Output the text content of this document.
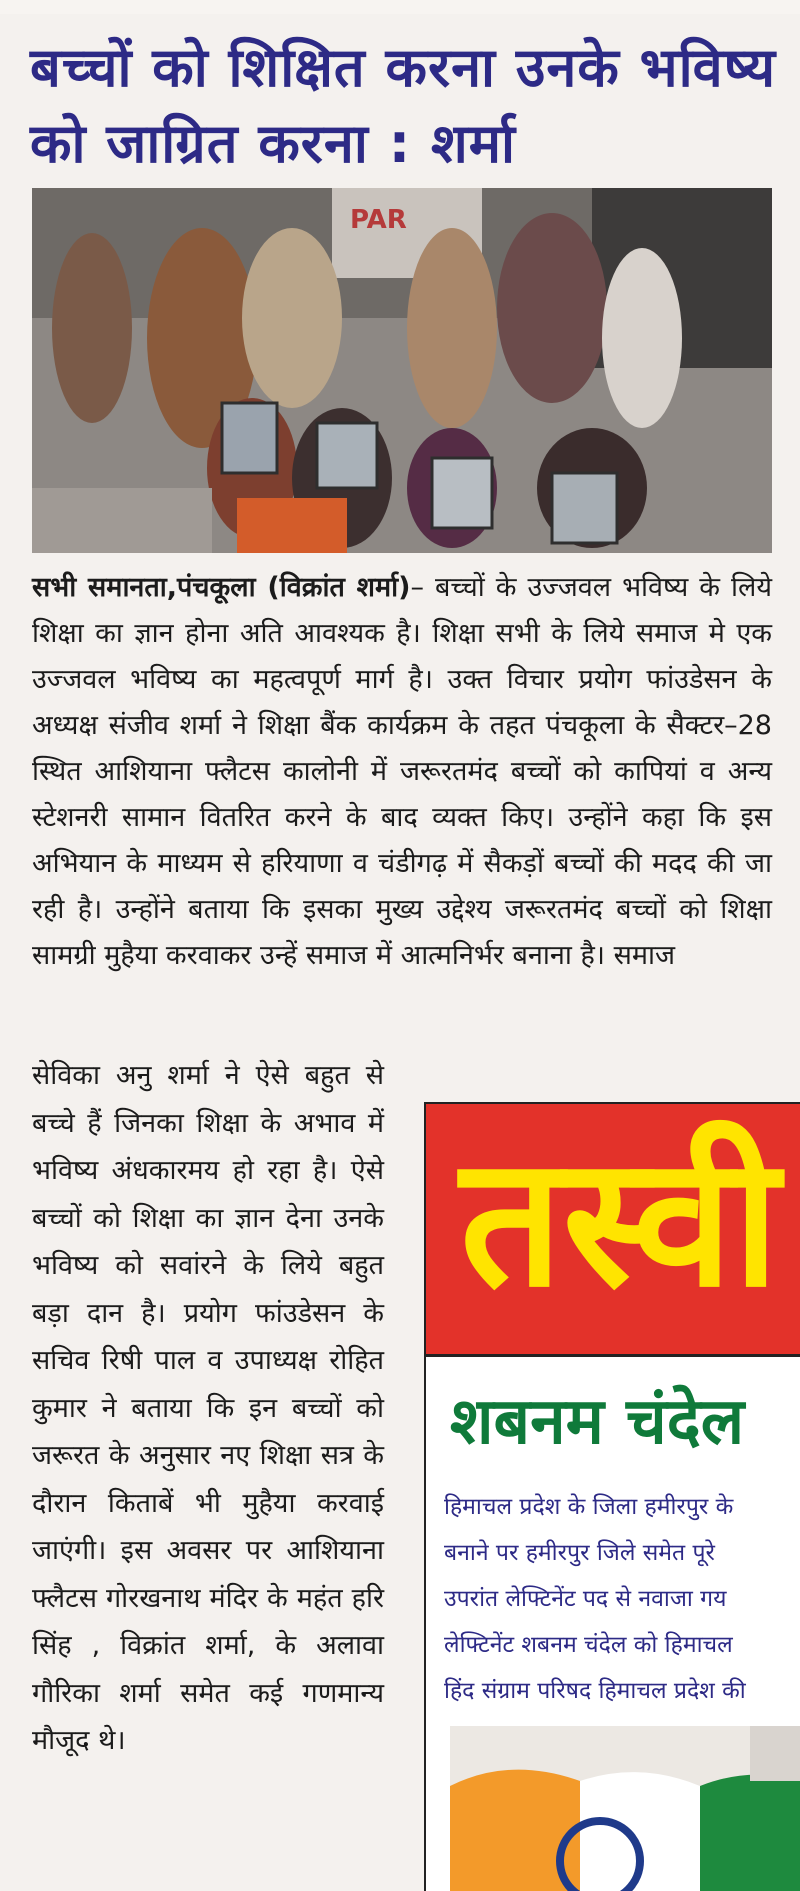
बच्चों को शिक्षित करना उनके भविष्य को जाग्रित करना : शर्मा
PAR
सभी समानता,पंचकूला (विक्रांत शर्मा)– बच्चों के उज्जवल भविष्य के लिये शिक्षा का ज्ञान होना अति आवश्यक है। शिक्षा सभी के लिये समाज मे एक उज्जवल भविष्य का महत्वपूर्ण मार्ग है। उक्त विचार प्रयोग फांउडेसन के अध्यक्ष संजीव शर्मा ने शिक्षा बैंक कार्यक्रम के तहत पंचकूला के सैक्टर–28 स्थित आशियाना फ्लैटस कालोनी में जरूरतमंद बच्चों को कापियां व अन्य स्टेशनरी सामान वितरित करने के बाद व्यक्त किए। उन्होंने कहा कि इस अभियान के माध्यम से हरियाणा व चंडीगढ़ में सैकड़ों बच्चों की मदद की जा रही है। उन्होंने बताया कि इसका मुख्य उद्देश्य जरूरतमंद बच्चों को शिक्षा सामग्री मुहैया करवाकर उन्हें समाज में आत्मनिर्भर बनाना है। समाज
सेविका अनु शर्मा ने ऐसे बहुत से बच्चे हैं जिनका शिक्षा के अभाव में भविष्य अंधकारमय हो रहा है। ऐसे बच्चों को शिक्षा का ज्ञान देना उनके भविष्य को सवांरने के लिये बहुत बड़ा दान है। प्रयोग फांउडेसन के सचिव रिषी पाल व उपाध्यक्ष रोहित कुमार ने बताया कि इन बच्चों को जरूरत के अनुसार नए शिक्षा सत्र के दौरान किताबें भी मुहैया करवाई जाएंगी। इस अवसर पर आशियाना फ्लैटस गोरखनाथ मंदिर के महंत हरि सिंह , विक्रांत शर्मा, के अलावा गौरिका शर्मा समेत कई गणमान्य मौजूद थे।
तस्वी
शबनम चंदेल
हिमाचल प्रदेश के जिला हमीरपुर के
बनाने पर हमीरपुर जिले समेत पूरे
उपरांत लेफ्टिनेंट पद से नवाजा गय
लेफ्टिनेंट शबनम चंदेल को हिमाचल
हिंद संग्राम परिषद हिमाचल प्रदेश की
